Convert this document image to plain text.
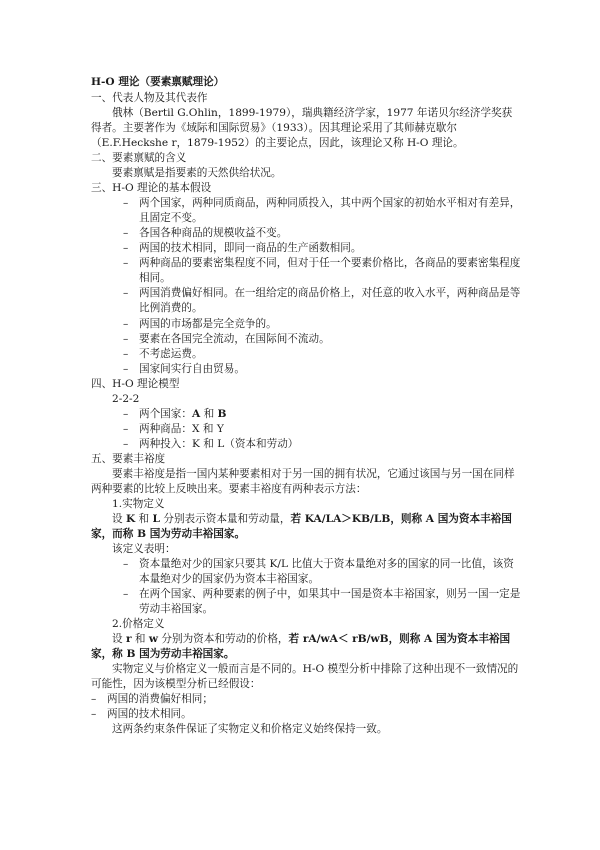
H-O 理论（要素禀赋理论）
一、代表人物及其代表作
俄林（Bertil G.Ohlin，1899-1979），瑞典籍经济学家，1977 年诺贝尔经济学奖获得者。主要著作为《域际和国际贸易》（1933）。因其理论采用了其师赫克歇尔（E.F.Heckshe r，1879-1952）的主要论点，因此，该理论又称 H-O 理论。
二、要素禀赋的含义
要素禀赋是指要素的天然供给状况。
三、H-O 理论的基本假设
– 两个国家，两种同质商品，两种同质投入，其中两个国家的初始水平相对有差异，且固定不变。
– 各国各种商品的规模收益不变。
– 两国的技术相同，即同一商品的生产函数相同。
– 两种商品的要素密集程度不同，但对于任一个要素价格比，各商品的要素密集程度相同。
– 两国消费偏好相同。在一组给定的商品价格上，对任意的收入水平，两种商品是等比例消费的。
– 两国的市场都是完全竞争的。
– 要素在各国完全流动，在国际间不流动。
– 不考虑运费。
– 国家间实行自由贸易。
四、H-O 理论模型
2-2-2
– 两个国家：A 和 B
– 两种商品：X 和 Y
– 两种投入：K 和 L（资本和劳动）
五、要素丰裕度
要素丰裕度是指一国内某种要素相对于另一国的拥有状况，它通过该国与另一国在同样两种要素的比较上反映出来。要素丰裕度有两种表示方法：
1.实物定义
设 K 和 L 分别表示资本量和劳动量，若 KA/LA＞KB/LB，则称 A 国为资本丰裕国家，而称 B 国为劳动丰裕国家。
该定义表明：
– 资本量绝对少的国家只要其 K/L 比值大于资本量绝对多的国家的同一比值，该资本量绝对少的国家仍为资本丰裕国家。
– 在两个国家、两种要素的例子中，如果其中一国是资本丰裕国家，则另一国一定是劳动丰裕国家。
2.价格定义
设 r 和 w 分别为资本和劳动的价格，若 rA/wA＜ rB/wB，则称 A 国为资本丰裕国家，称 B 国为劳动丰裕国家。
实物定义与价格定义一般而言是不同的。H-O 模型分析中排除了这种出现不一致情况的可能性，因为该模型分析已经假设：
– 两国的消费偏好相同；
– 两国的技术相同。
这两条约束条件保证了实物定义和价格定义始终保持一致。
